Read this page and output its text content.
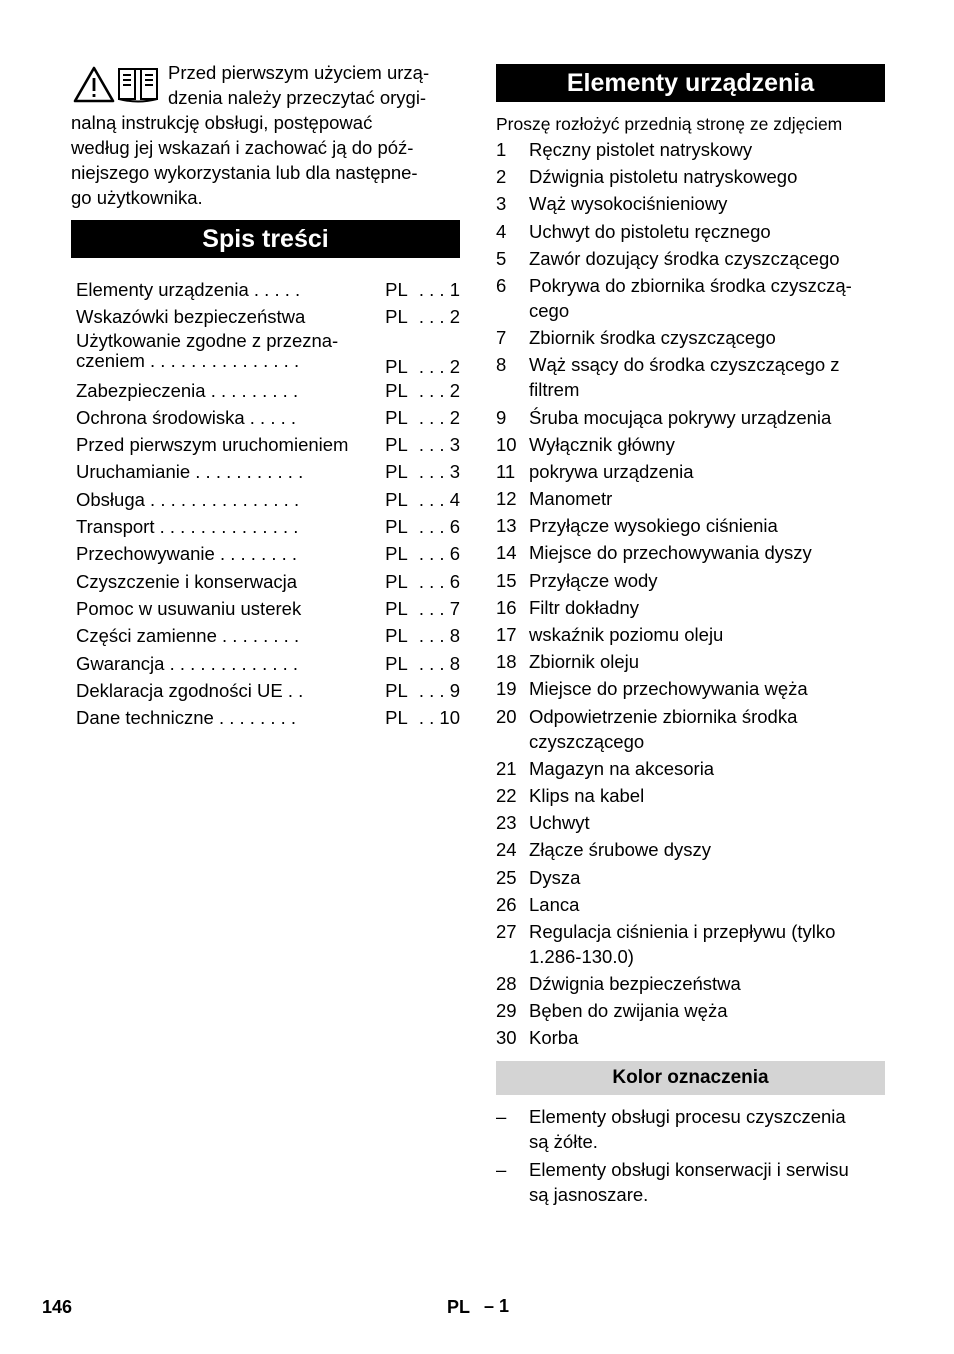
Przed pierwszym użyciem urzą-
dzenia należy przeczytać orygi-
nalną instrukcję obsługi, postępować
według jej wskazań i zachować ją do póź-
niejszego wykorzystania lub dla następne-
go użytkownika.
Spis treści
Elementy urządzenia . . . . .	PL . . . 1
Wskazówki bezpieczeństwa	PL . . . 2
Użytkowanie zgodne z przezna-
czeniem . . . . . . . . . . . . . . .	PL . . . 2
Zabezpieczenia . . . . . . . . .	PL . . . 2
Ochrona środowiska . . . . .	PL . . . 2
Przed pierwszym uruchomieniem	PL . . . 3
Uruchamianie . . . . . . . . . . .	PL . . . 3
Obsługa . . . . . . . . . . . . . . .	PL . . . 4
Transport . . . . . . . . . . . . . .	PL . . . 6
Przechowywanie . . . . . . . .	PL . . . 6
Czyszczenie i konserwacja	PL . . . 6
Pomoc w usuwaniu usterek	PL . . . 7
Części zamienne . . . . . . . .	PL . . . 8
Gwarancja . . . . . . . . . . . . .	PL . . . 8
Deklaracja zgodności UE . .	PL . . . 9
Dane techniczne . . . . . . . .	PL . . 10
Elementy urządzenia
Proszę rozłożyć przednią stronę ze zdjęciem
1	Ręczny pistolet natryskowy
2	Dźwignia pistoletu natryskowego
3	Wąż wysokociśnieniowy
4	Uchwyt do pistoletu ręcznego
5	Zawór dozujący środka czyszczącego
6	Pokrywa do zbiornika środka czyszczą-
cego
7	Zbiornik środka czyszczącego
8	Wąż ssący do środka czyszczącego z
filtrem
9	Śruba mocująca pokrywy urządzenia
10 Wyłącznik główny
11 pokrywa urządzenia
12 Manometr
13 Przyłącze wysokiego ciśnienia
14 Miejsce do przechowywania dyszy
15 Przyłącze wody
16 Filtr dokładny
17 wskaźnik poziomu oleju
18 Zbiornik oleju
19 Miejsce do przechowywania węża
20 Odpowietrzenie zbiornika środka
czyszczącego
21 Magazyn na akcesoria
22 Klips na kabel
23 Uchwyt
24 Złącze śrubowe dyszy
25 Dysza
26 Lanca
27 Regulacja ciśnienia i przepływu (tylko
1.286-130.0)
28 Dźwignia bezpieczeństwa
29 Bęben do zwijania węża
30 Korba
Kolor oznaczenia
–	Elementy obsługi procesu czyszczenia
są żółte.
–	Elementy obsługi konserwacji i serwisu
są jasnoszare.
146	PL – 1
